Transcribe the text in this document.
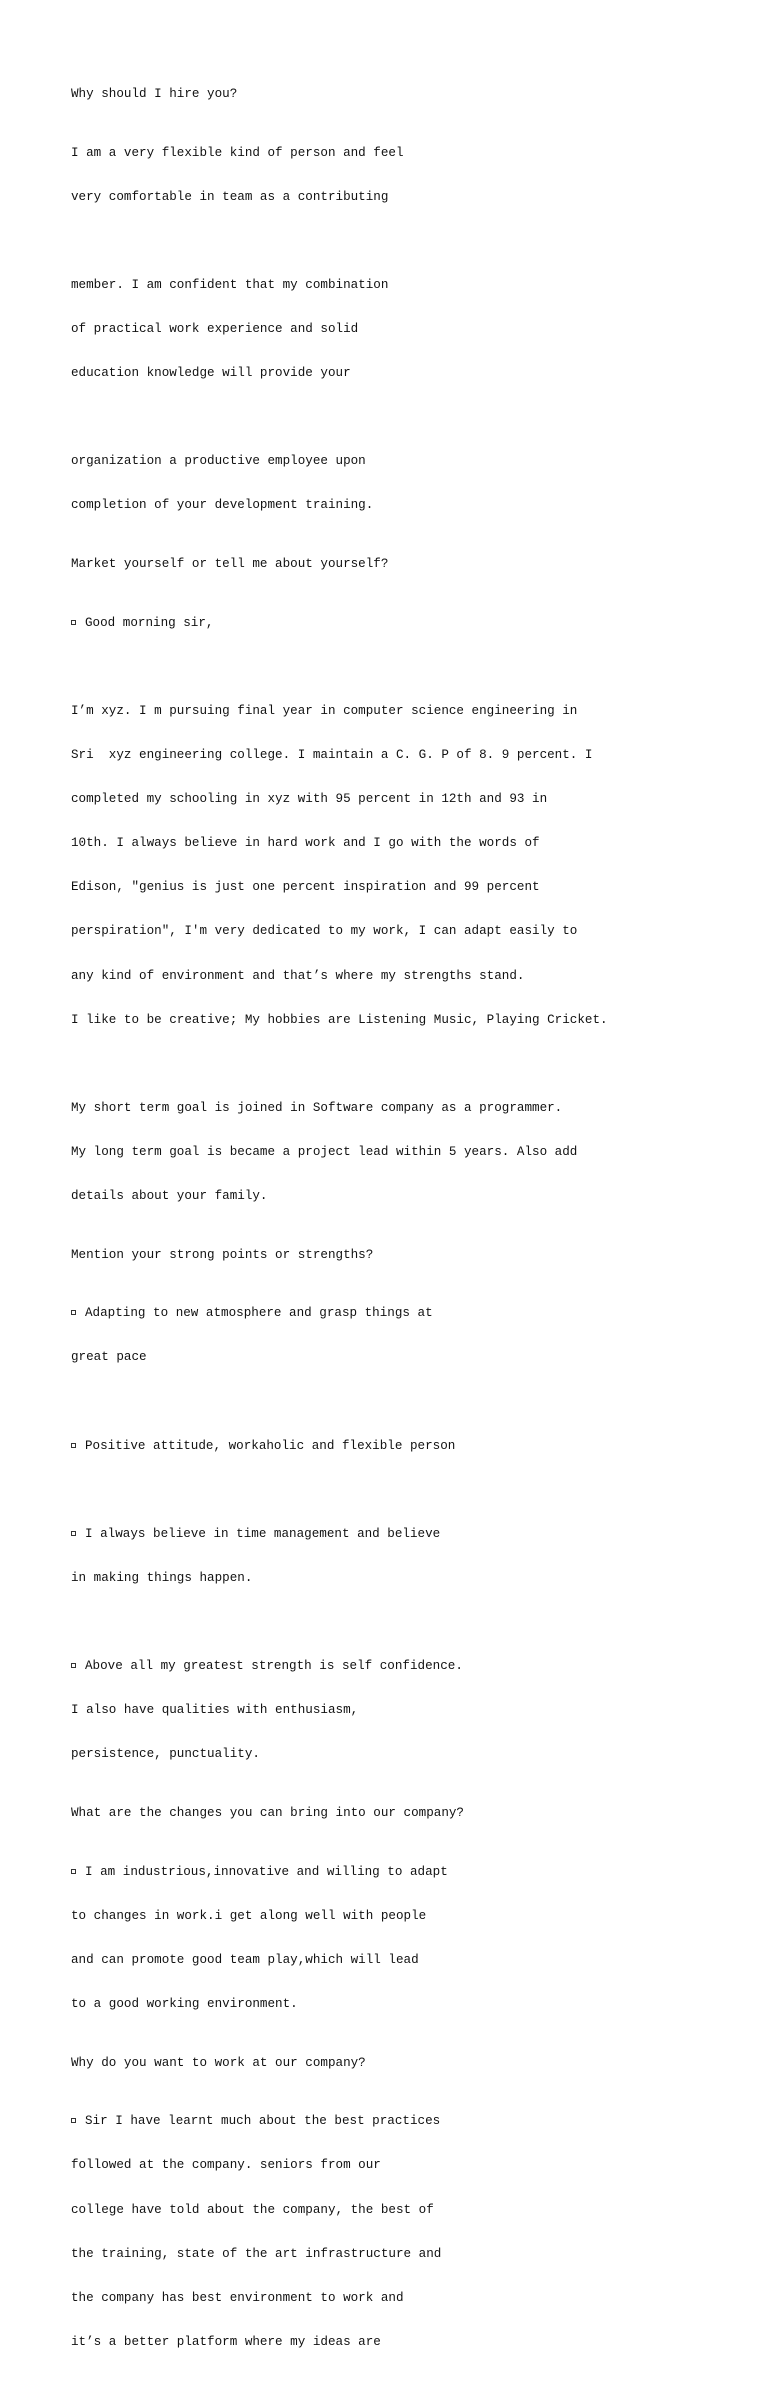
Why should I hire you?

I am a very flexible kind of person and feel

very comfortable in team as a contributing

member. I am confident that my combination

of practical work experience and solid

education knowledge will provide your

organization a productive employee upon

completion of your development training.

Market yourself or tell me about yourself?

Good morning sir,

I’m xyz. I m pursuing final year in computer science engineering in

Sri  xyz engineering college. I maintain a C. G. P of 8. 9 percent. I

completed my schooling in xyz with 95 percent in 12th and 93 in

10th. I always believe in hard work and I go with the words of

Edison, "genius is just one percent inspiration and 99 percent

perspiration", I'm very dedicated to my work, I can adapt easily to

any kind of environment and that’s where my strengths stand.

I like to be creative; My hobbies are Listening Music, Playing Cricket.

My short term goal is joined in Software company as a programmer.

My long term goal is became a project lead within 5 years. Also add

details about your family.

Mention your strong points or strengths?

Adapting to new atmosphere and grasp things at

great pace

Positive attitude, workaholic and flexible person

I always believe in time management and believe

in making things happen.

Above all my greatest strength is self confidence.

I also have qualities with enthusiasm,

persistence, punctuality.

What are the changes you can bring into our company?

I am industrious,innovative and willing to adapt

to changes in work.i get along well with people

and can promote good team play,which will lead

to a good working environment.

Why do you want to work at our company?

Sir I have learnt much about the best practices

followed at the company. seniors from our

college have told about the company, the best of

the training, state of the art infrastructure and

the company has best environment to work and

it’s a better platform where my ideas are
